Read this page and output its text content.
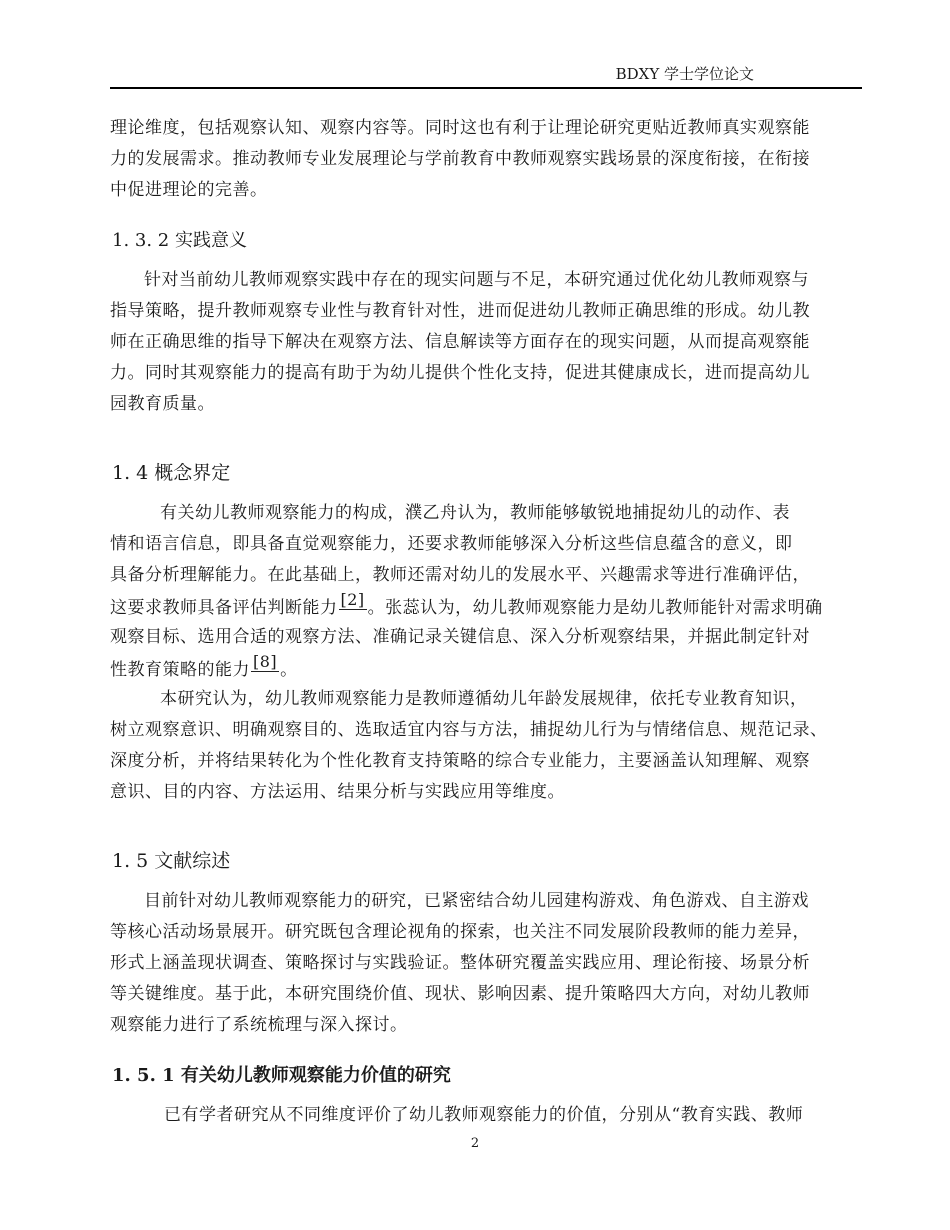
BDXY 学士学位论文
理论维度，包括观察认知、观察内容等。同时这也有利于让理论研究更贴近教师真实观察能
力的发展需求。推动教师专业发展理论与学前教育中教师观察实践场景的深度衔接，在衔接
中促进理论的完善。
1. 3. 2 实践意义
针对当前幼儿教师观察实践中存在的现实问题与不足，本研究通过优化幼儿教师观察与
指导策略，提升教师观察专业性与教育针对性，进而促进幼儿教师正确思维的形成。幼儿教
师在正确思维的指导下解决在观察方法、信息解读等方面存在的现实问题，从而提高观察能
力。同时其观察能力的提高有助于为幼儿提供个性化支持，促进其健康成长，进而提高幼儿
园教育质量。
1. 4 概念界定
有关幼儿教师观察能力的构成，濮乙舟认为，教师能够敏锐地捕捉幼儿的动作、表
情和语言信息，即具备直觉观察能力，还要求教师能够深入分析这些信息蕴含的意义，即
具备分析理解能力。在此基础上，教师还需对幼儿的发展水平、兴趣需求等进行准确评估，
这要求教师具备评估判断能力 [2] 。张蕊认为，幼儿教师观察能力是幼儿教师能针对需求明确
观察目标、选用合适的观察方法、准确记录关键信息、深入分析观察结果，并据此制定针对
性教育策略的能力 [8] 。
本研究认为，幼儿教师观察能力是教师遵循幼儿年龄发展规律，依托专业教育知识，
树立观察意识、明确观察目的、选取适宜内容与方法，捕捉幼儿行为与情绪信息、规范记录、
深度分析，并将结果转化为个性化教育支持策略的综合专业能力，主要涵盖认知理解、观察
意识、目的内容、方法运用、结果分析与实践应用等维度。
1. 5 文献综述
目前针对幼儿教师观察能力的研究，已紧密结合幼儿园建构游戏、角色游戏、自主游戏
等核心活动场景展开。研究既包含理论视角的探索，也关注不同发展阶段教师的能力差异，
形式上涵盖现状调查、策略探讨与实践验证。整体研究覆盖实践应用、理论衔接、场景分析
等关键维度。基于此，本研究围绕价值、现状、影响因素、提升策略四大方向，对幼儿教师
观察能力进行了系统梳理与深入探讨。
1. 5. 1 有关幼儿教师观察能力价值的研究
已有学者研究从不同维度评价了幼儿教师观察能力的价值，分别从“教育实践、教师
2
